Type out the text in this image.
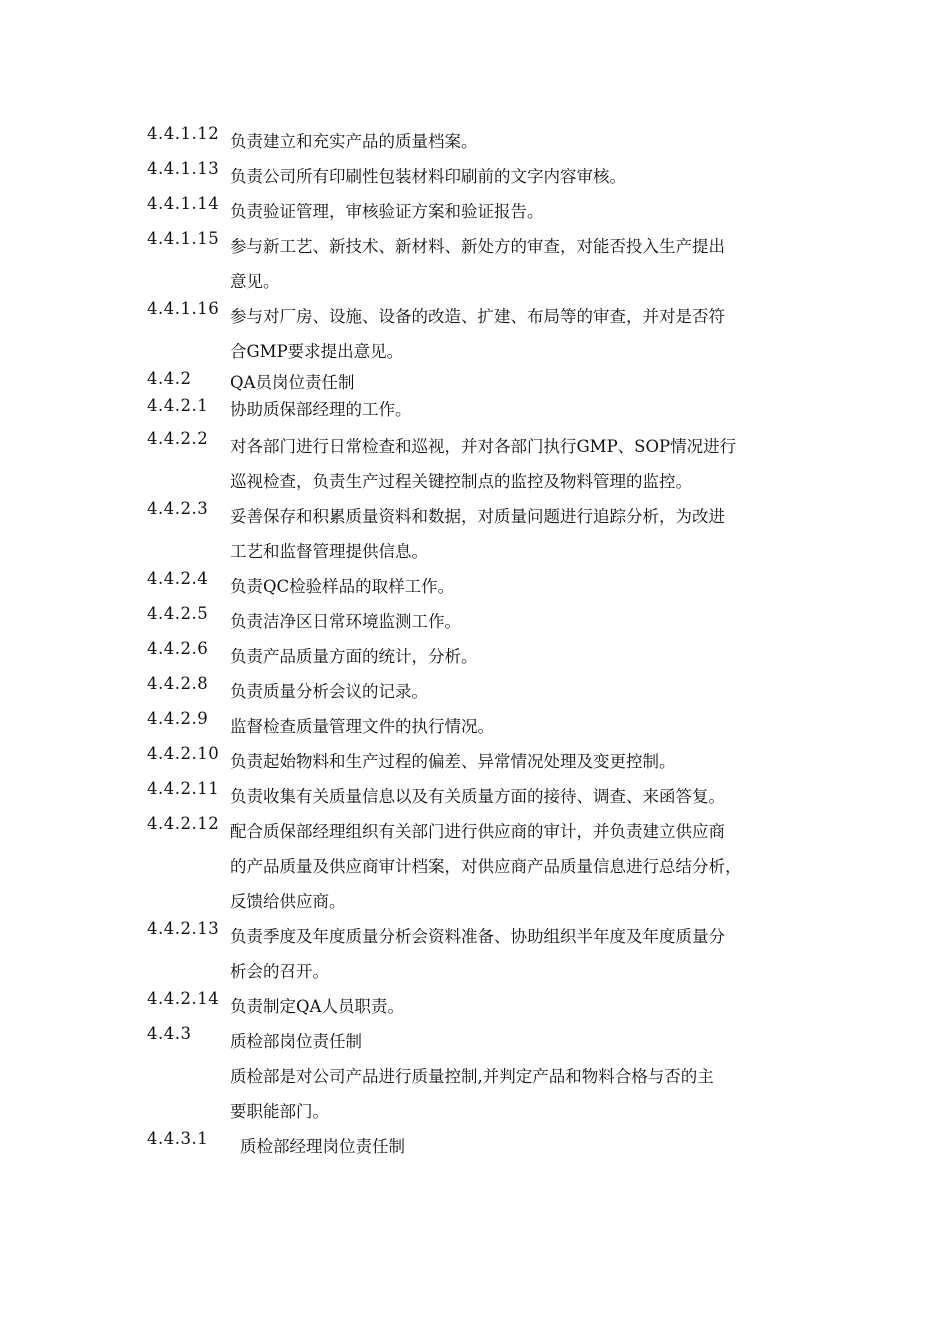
4.4.1.12 负责建立和充实产品的质量档案。
4.4.1.13 负责公司所有印刷性包装材料印刷前的文字内容审核。
4.4.1.14 负责验证管理，审核验证方案和验证报告。
4.4.1.15 参与新工艺、新技术、新材料、新处方的审查，对能否投入生产提出
意见。
4.4.1.16 参与对厂房、设施、设备的改造、扩建、布局等的审查，并对是否符
合GMP要求提出意见。
4.4.2	QA员岗位责任制
4.4.2.1	协助质保部经理的工作。
4.4.2.2	对各部门进行日常检查和巡视，并对各部门执行GMP、SOP情况进行
巡视检查，负责生产过程关键控制点的监控及物料管理的监控。
4.4.2.3	妥善保存和积累质量资料和数据，对质量问题进行追踪分析，为改进
工艺和监督管理提供信息。
4.4.2.4	负责QC检验样品的取样工作。
4.4.2.5	负责洁净区日常环境监测工作。
4.4.2.6	负责产品质量方面的统计，分析。
4.4.2.8	负责质量分析会议的记录。
4.4.2.9	监督检查质量管理文件的执行情况。
4.4.2.10 负责起始物料和生产过程的偏差、异常情况处理及变更控制。
4.4.2.11 负责收集有关质量信息以及有关质量方面的接待、调查、来函答复。
4.4.2.12 配合质保部经理组织有关部门进行供应商的审计，并负责建立供应商
的产品质量及供应商审计档案，对供应商产品质量信息进行总结分析，
反馈给供应商。
4.4.2.13 负责季度及年度质量分析会资料准备、协助组织半年度及年度质量分
析会的召开。
4.4.2.14 负责制定QA人员职责。
4.4.3	质检部岗位责任制
质检部是对公司产品进行质量控制,并判定产品和物料合格与否的主
要职能部门。
4.4.3.1	质检部经理岗位责任制
